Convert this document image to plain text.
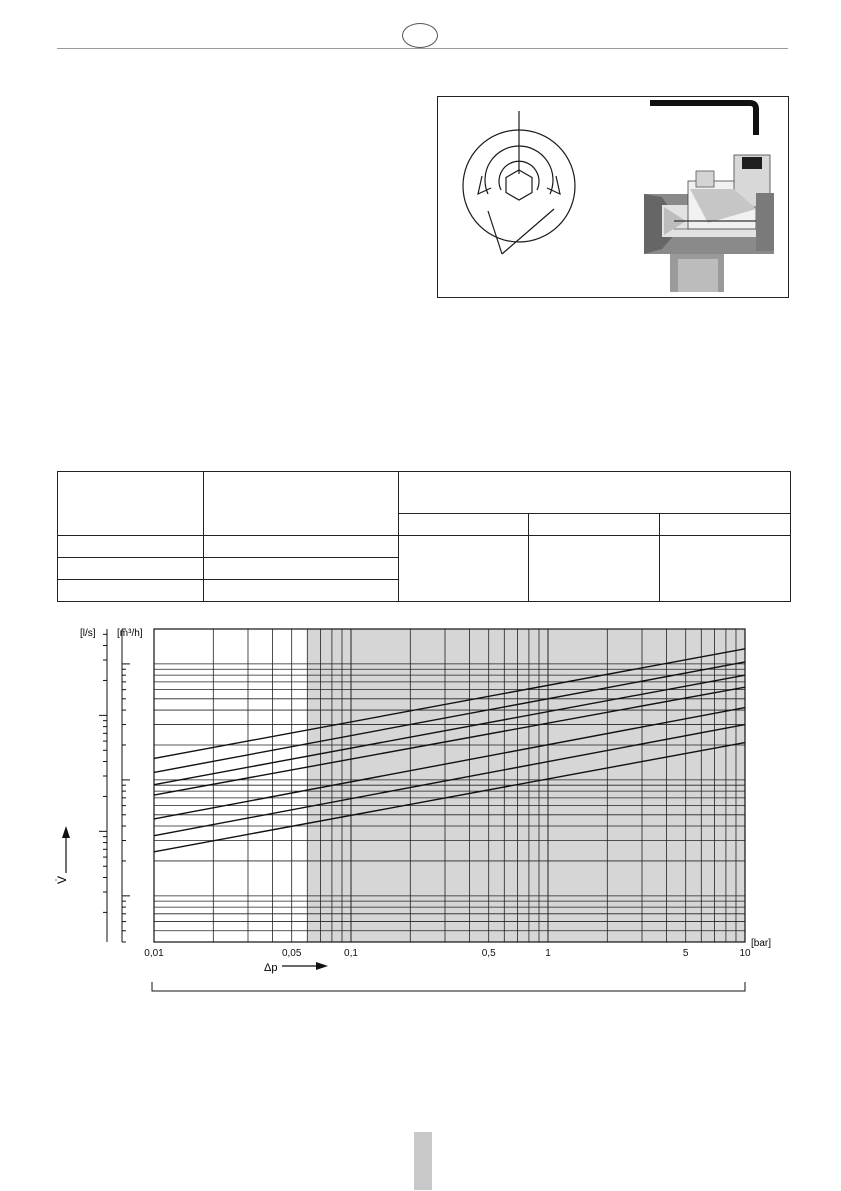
[l/s] [m³/h]
[bar]
Δp
V̇
0,01	0,05	0,1	0,5	1	5	10
